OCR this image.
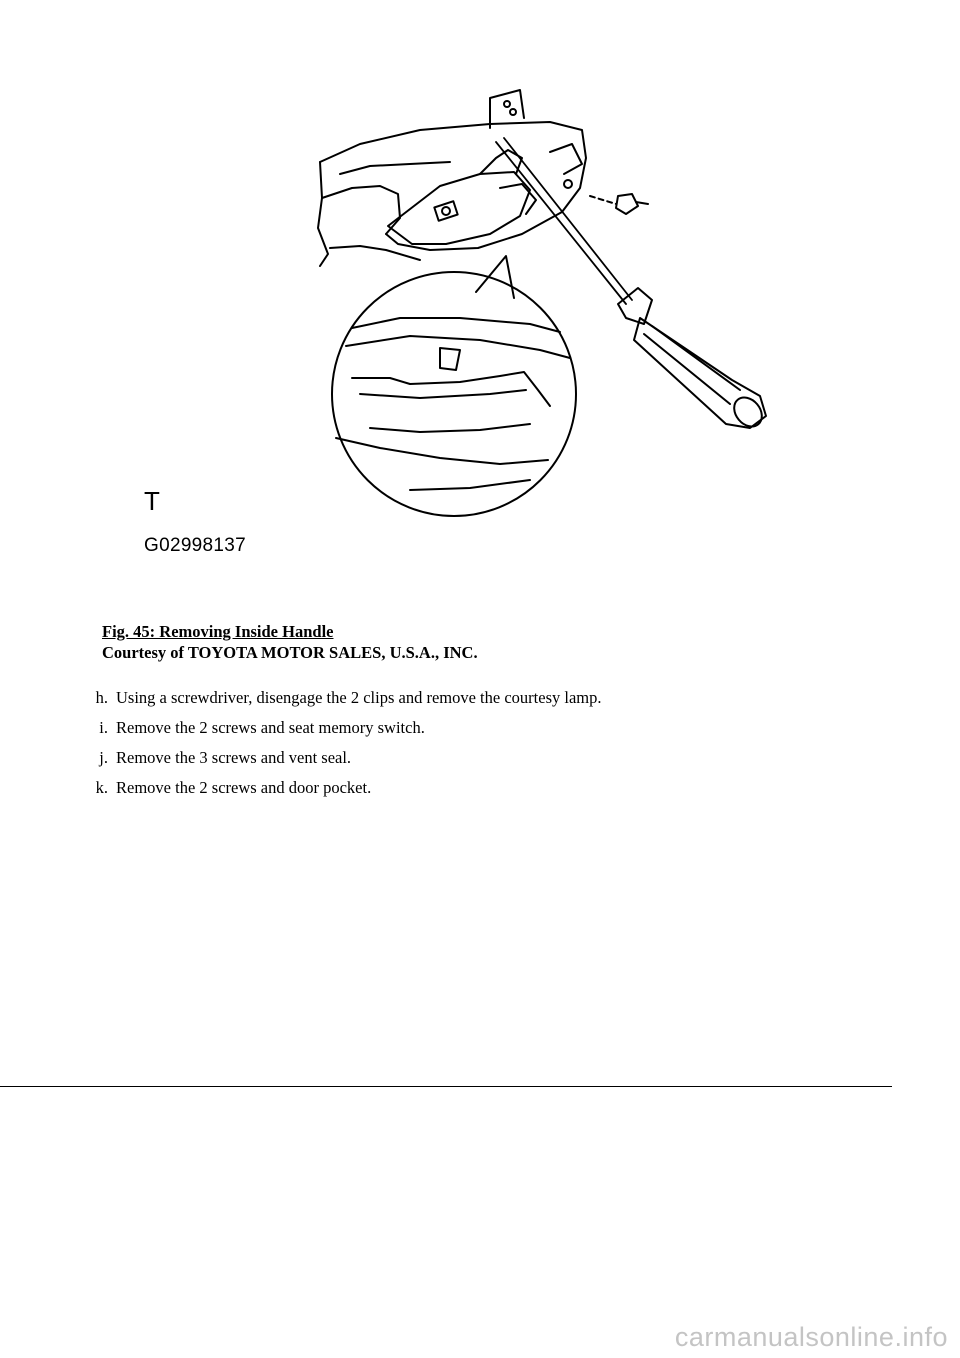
T
G02998137
Fig. 45: Removing Inside Handle
Courtesy of TOYOTA MOTOR SALES, U.S.A., INC.
h. Using a screwdriver, disengage the 2 clips and remove the courtesy lamp.
i. Remove the 2 screws and seat memory switch.
j. Remove the 3 screws and vent seal.
k. Remove the 2 screws and door pocket.
carmanualsonline.info
